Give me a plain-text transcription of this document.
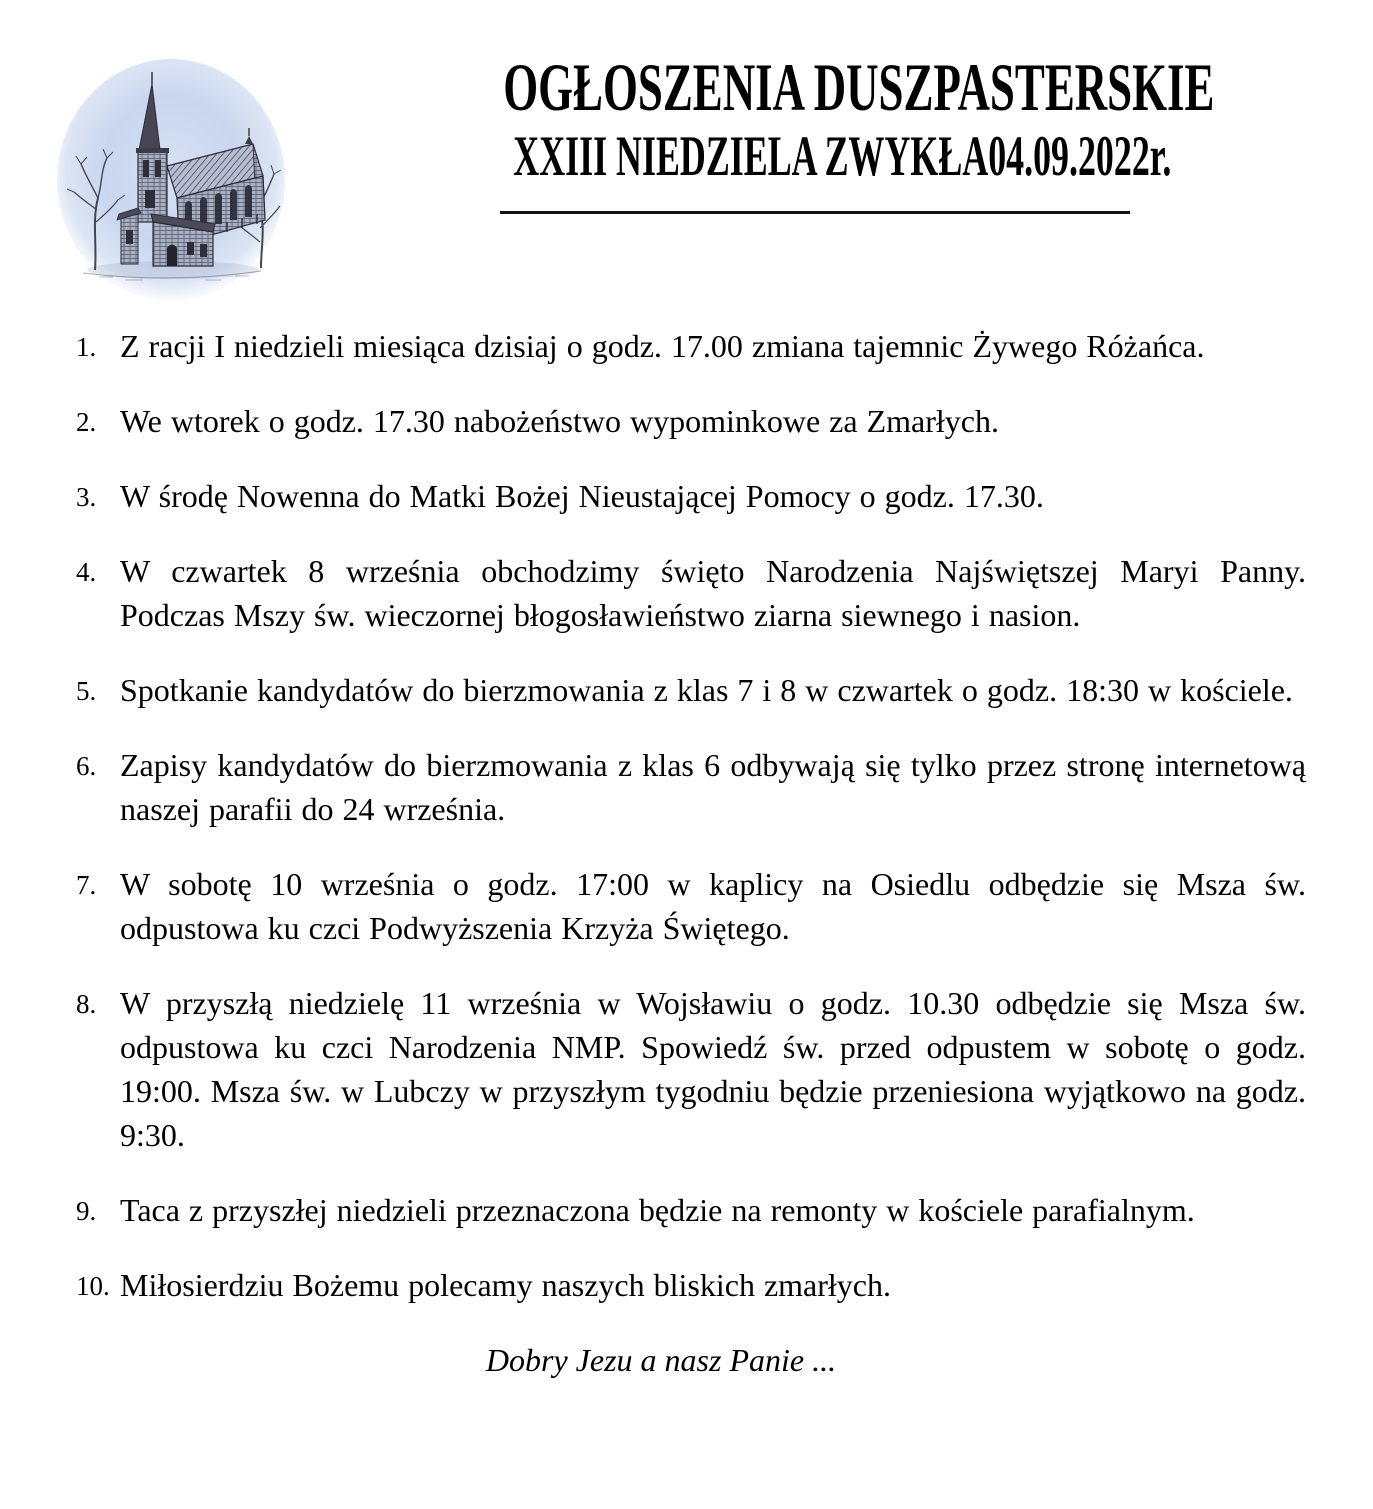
OGŁOSZENIA DUSZPASTERSKIE
XXIII NIEDZIELA ZWYKŁA04.09.2022r.
1. Z racji I niedzieli miesiąca dzisiaj o godz. 17.00 zmiana tajemnic Żywego Różańca.
2. We wtorek o godz. 17.30 nabożeństwo wypominkowe za Zmarłych.
3. W środę Nowenna do Matki Bożej Nieustającej Pomocy o godz. 17.30.
4. W czwartek 8 września obchodzimy święto Narodzenia Najświętszej Maryi Panny. Podczas Mszy św. wieczornej błogosławieństwo ziarna siewnego i nasion.
5. Spotkanie kandydatów do bierzmowania z klas 7 i 8 w czwartek o godz. 18:30 w kościele.
6. Zapisy kandydatów do bierzmowania z klas 6 odbywają się tylko przez stronę internetową naszej parafii do 24 września.
7. W sobotę 10 września o godz. 17:00 w kaplicy na Osiedlu odbędzie się Msza św. odpustowa ku czci Podwyższenia Krzyża Świętego.
8. W przyszłą niedzielę 11 września w Wojsławiu o godz. 10.30 odbędzie się Msza św. odpustowa ku czci Narodzenia NMP. Spowiedź św. przed odpustem w sobotę o godz. 19:00. Msza św. w Lubczy w przyszłym tygodniu będzie przeniesiona wyjątkowo na godz. 9:30.
9. Taca z przyszłej niedzieli przeznaczona będzie na remonty w kościele parafialnym.
10. Miłosierdziu Bożemu polecamy naszych bliskich zmarłych.
Dobry Jezu a nasz Panie ...
